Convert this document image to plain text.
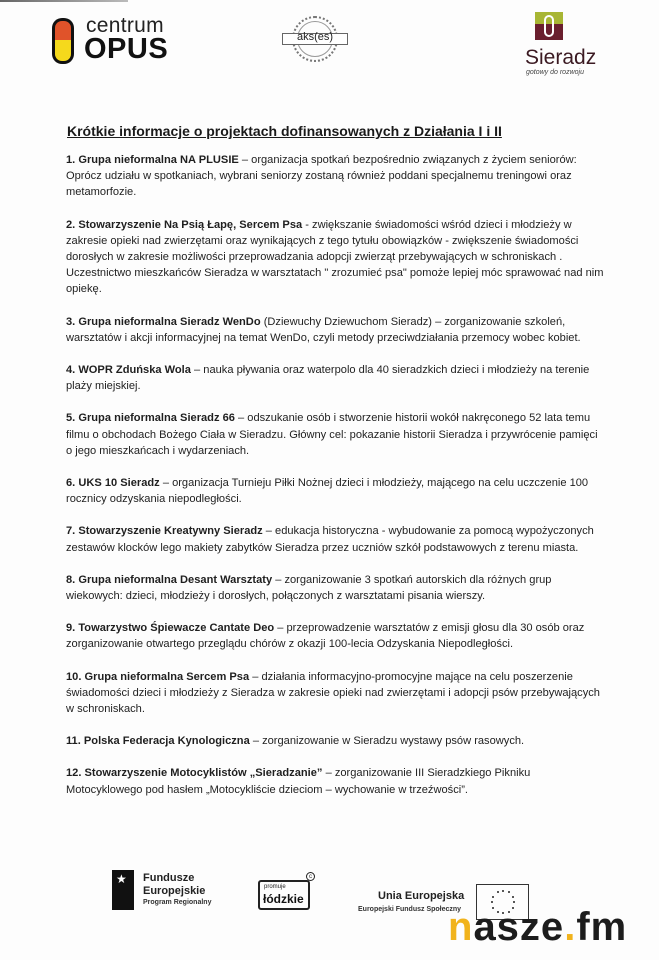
centrum
OPUS	aks(es)
Sieradz
gotowy do rozwoju
Krótkie informacje o projektach dofinansowanych z Działania I i II

1. Grupa nieformalna NA PLUSIE – organizacja spotkań bezpośrednio związanych z życiem seniorów: Oprócz udziału w spotkaniach, wybrani seniorzy zostaną również poddani specjalnemu treningowi oraz metamorfozie.

2. Stowarzyszenie Na Psią Łapę, Sercem Psa - zwiększanie świadomości wśród dzieci i młodzieży w zakresie opieki nad zwierzętami oraz wynikających z tego tytułu obowiązków - zwiększenie świadomości dorosłych w zakresie możliwości przeprowadzania adopcji zwierząt przebywających w schroniskach . Uczestnictwo mieszkańców Sieradza w warsztatach " zrozumieć psa" pomoże lepiej móc sprawować nad nim opiekę.

3. Grupa nieformalna Sieradz WenDo (Dziewuchy Dziewuchom Sieradz) – zorganizowanie szkoleń, warsztatów i akcji informacyjnej na temat WenDo, czyli metody przeciwdziałania przemocy wobec kobiet.

4. WOPR Zduńska Wola – nauka pływania oraz waterpolo dla 40 sieradzkich dzieci i młodzieży na terenie plaży miejskiej.

5. Grupa nieformalna Sieradz 66 – odszukanie osób i stworzenie historii wokół nakręconego 52 lata temu filmu o obchodach Bożego Ciała w Sieradzu. Główny cel: pokazanie historii Sieradza i przywrócenie pamięci o jego mieszkańcach i wydarzeniach.

6. UKS 10 Sieradz – organizacja Turnieju Piłki Nożnej dzieci i młodzieży, mającego na celu uczczenie 100 rocznicy odzyskania niepodległości.

7. Stowarzyszenie Kreatywny Sieradz – edukacja historyczna - wybudowanie za pomocą wypożyczonych zestawów klocków lego makiety zabytków Sieradza przez uczniów szkół podstawowych z terenu miasta.

8. Grupa nieformalna Desant Warsztaty – zorganizowanie 3 spotkań autorskich dla różnych grup wiekowych: dzieci, młodzieży i dorosłych, połączonych z warsztatami pisania wierszy.

9. Towarzystwo Śpiewacze Cantate Deo – przeprowadzenie warsztatów z emisji głosu dla 30 osób oraz zorganizowanie otwartego przeglądu chórów z okazji 100-lecia Odzyskania Niepodległości.

10. Grupa nieformalna Sercem Psa – działania informacyjno-promocyjne mające na celu poszerzenie świadomości dzieci i młodzieży z Sieradza w zakresie opieki nad zwierzętami i adopcji psów przebywających w schroniskach.

11. Polska Federacja Kynologiczna – zorganizowanie w Sieradzu wystawy psów rasowych.

12. Stowarzyszenie Motocyklistów „Sieradzanie” – zorganizowanie III Sieradzkiego Pikniku Motocyklowego pod hasłem „Motocykliście dzieciom – wychowanie w trzeźwości”.

★
Fundusze
Europejskie
Program Regionalny
promuje
łódzkie
c
Unia Europejska
Europejski Fundusz Społeczny
nasze.fm
